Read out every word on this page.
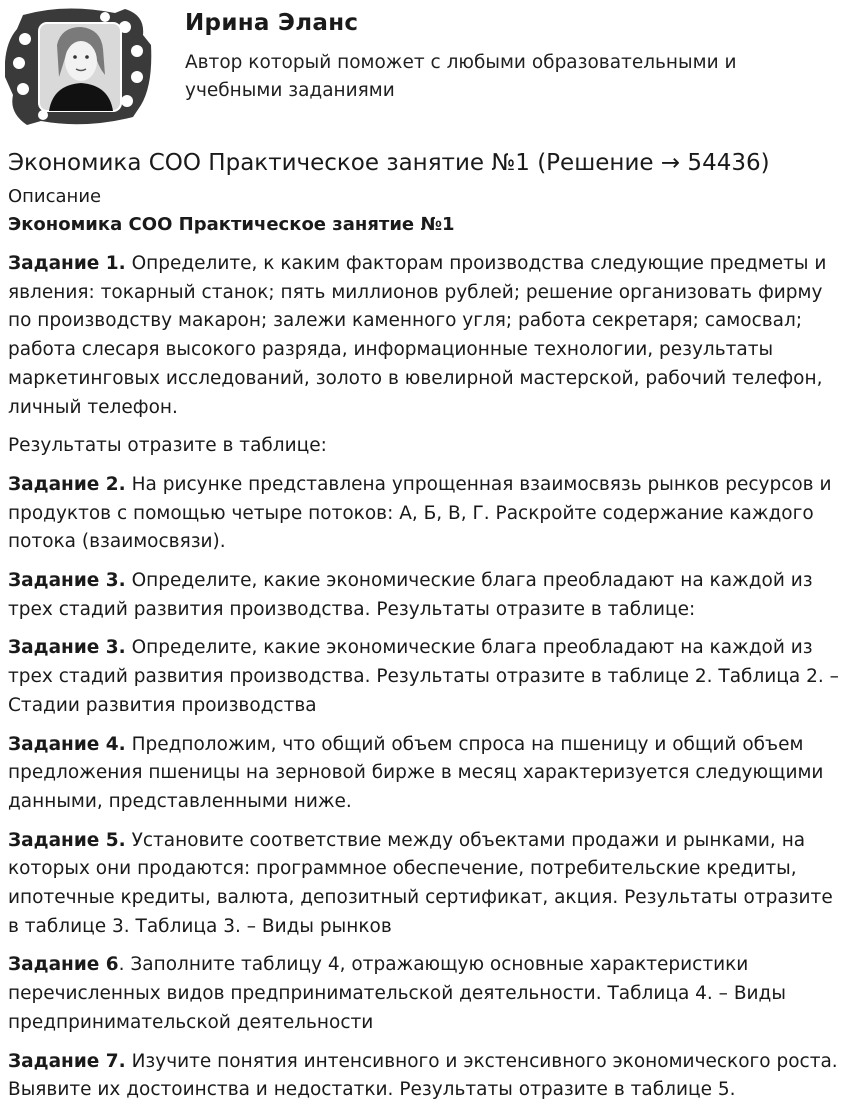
Ирина Эланс
Автор который поможет с любыми образовательными и учебными заданиями
Экономика СОО Практическое занятие №1 (Решение → 54436)

Описание

Экономика СОО Практическое занятие №1

Задание 1. Определите, к каким факторам производства следующие предметы и явления: токарный станок; пять миллионов рублей; решение организовать фирму по производству макарон; залежи каменного угля; работа секретаря; самосвал; работа слесаря высокого разряда, информационные технологии, результаты маркетинговых исследований, золото в ювелирной мастерской, рабочий телефон, личный телефон.

Результаты отразите в таблице:

Задание 2. На рисунке представлена упрощенная взаимосвязь рынков ресурсов и продуктов с помощью четыре потоков: А, Б, В, Г. Раскройте содержание каждого потока (взаимосвязи).

Задание 3. Определите, какие экономические блага преобладают на каждой из трех стадий развития производства. Результаты отразите в таблице:

Задание 3. Определите, какие экономические блага преобладают на каждой из трех стадий развития производства. Результаты отразите в таблице 2. Таблица 2. – Стадии развития производства

Задание 4. Предположим, что общий объем спроса на пшеницу и общий объем предложения пшеницы на зерновой бирже в месяц характеризуется следующими данными, представленными ниже.

Задание 5. Установите соответствие между объектами продажи и рынками, на которых они продаются: программное обеспечение, потребительские кредиты, ипотечные кредиты, валюта, депозитный сертификат, акция. Результаты отразите в таблице 3. Таблица 3. – Виды рынков

Задание 6. Заполните таблицу 4, отражающую основные характеристики перечисленных видов предпринимательской деятельности. Таблица 4. – Виды предпринимательской деятельности

Задание 7. Изучите понятия интенсивного и экстенсивного экономического роста. Выявите их достоинства и недостатки. Результаты отразите в таблице 5.
